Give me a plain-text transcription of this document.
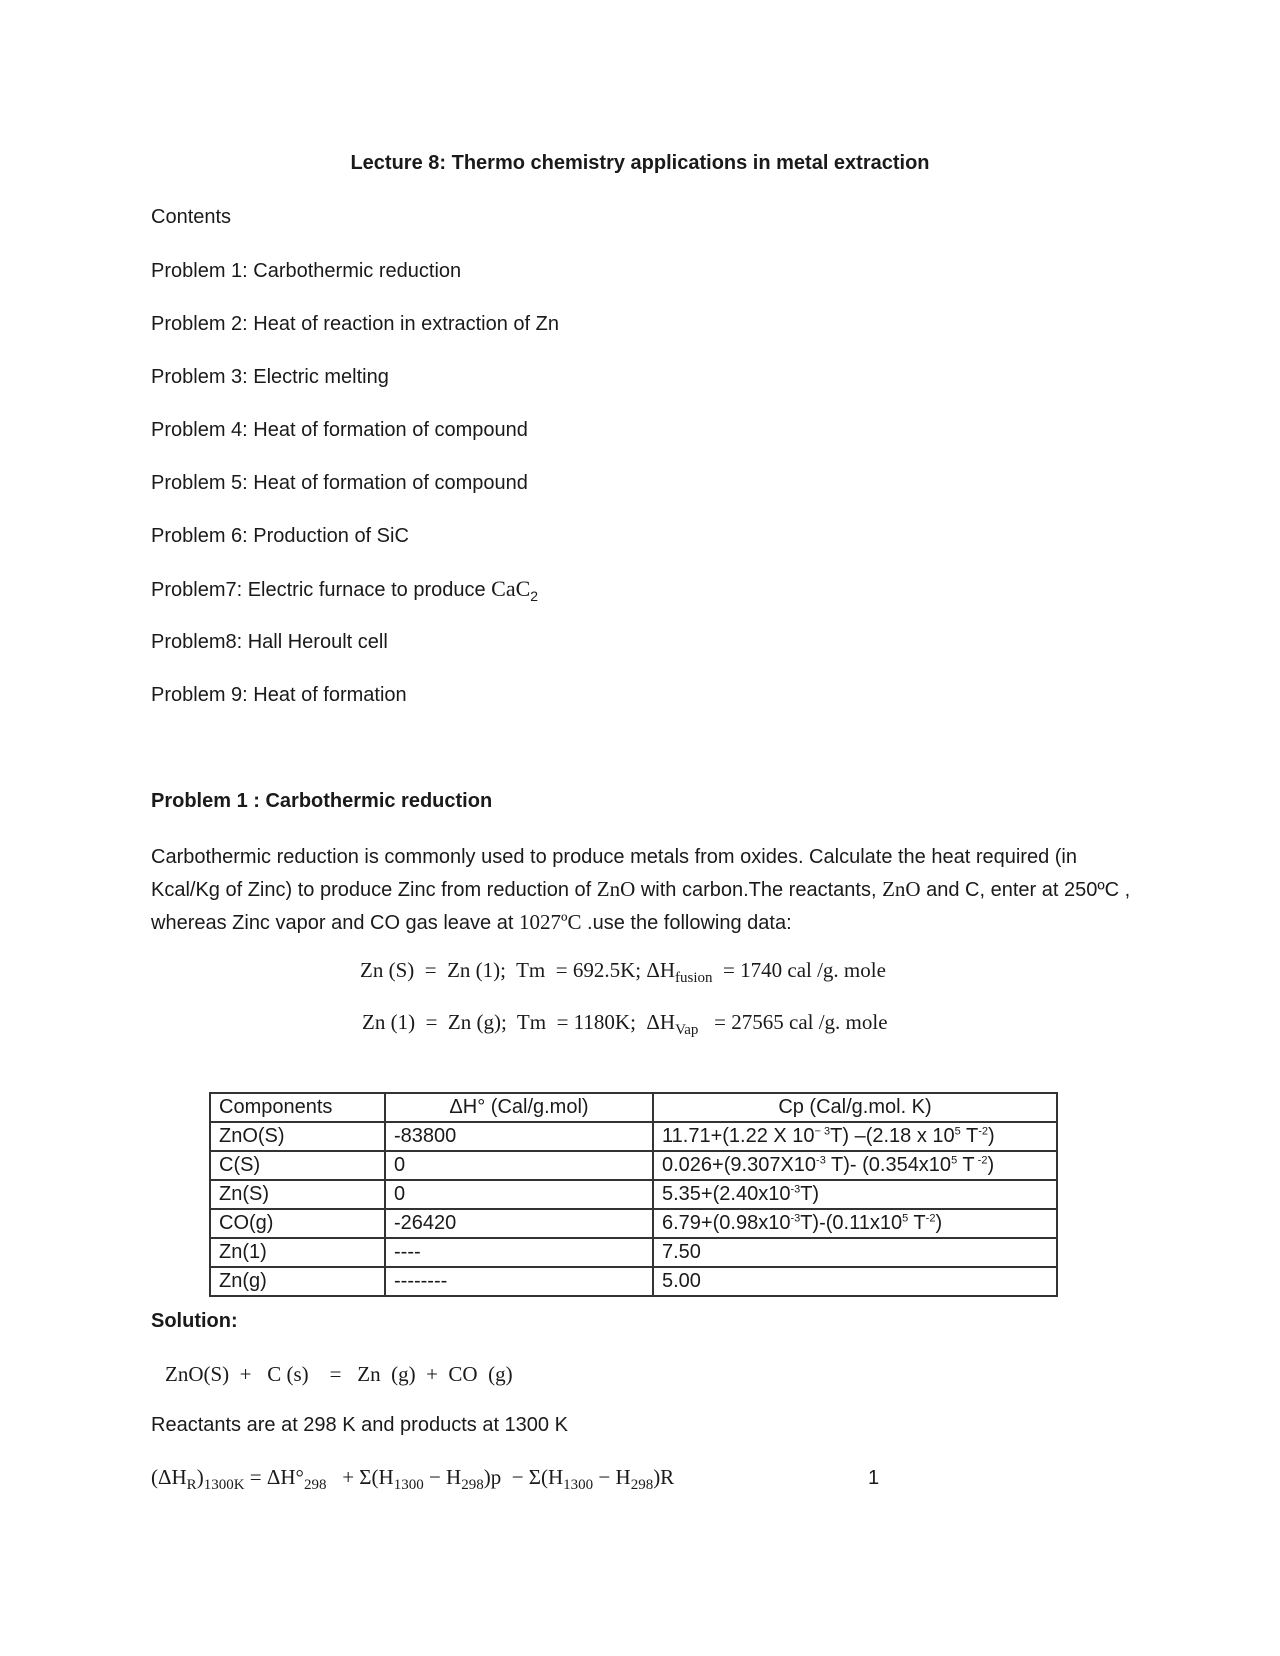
Lecture 8: Thermo chemistry applications in metal extraction
Contents
Problem 1: Carbothermic reduction
Problem 2: Heat of reaction in extraction of Zn
Problem 3: Electric melting
Problem 4: Heat of formation of compound
Problem 5: Heat of formation of compound
Problem 6: Production of SiC
Problem7: Electric furnace to produce CaC$_2$
Problem8: Hall Heroult cell
Problem 9: Heat of formation
Problem 1 : Carbothermic reduction

Carbothermic reduction is commonly used to produce metals from oxides. Calculate the heat required (in Kcal/Kg of Zinc) to produce Zinc from reduction of ZnO with carbon.The reactants, ZnO and C, enter at 250ºC , whereas Zinc vapor and CO gas leave at 1027ºC .use the following data:

Zn (S)  =  Zn (1);  Tm  = 692.5K; $\Delta H_{fusion} = 1740$ cal /g. mole
Zn (1)  =  Zn (g);  Tm  = 1180K;  $\Delta H_{Vap} = 27565$ cal /g. mole
Components	ΔH° (Cal/g.mol)	Cp (Cal/g.mol. K)
ZnO(S)	-83800	11.71+(1.22 X $10^{- 3}T$) –(2.18 x $10^5$ $T^{-2}$)
C(S)	0	$0.026+(9.307X10^{-3}$ T)- ($0.354x10^5$ T $^{-2}$)
Zn(S)	0	$5.35+(2.40x10^{-3}T)$
CO(g)	-26420	$6.79+(0.98x10^{-3}T)-(0.11x10^5$ $T^{-2}$)
Zn(1)	----	7.50
Zn(g)	--------	5.00
Solution:
ZnO(S)  +   C (s)    =   Zn  (g)  +  CO  (g)
Reactants are at 298 K and products at 1300 K
$(\Delta H_R)_{1300K} = \Delta H^\circ_{298} + \Sigma(H_{1300} - H_{298})p - \Sigma(H_{1300} - H_{298})R$	1
